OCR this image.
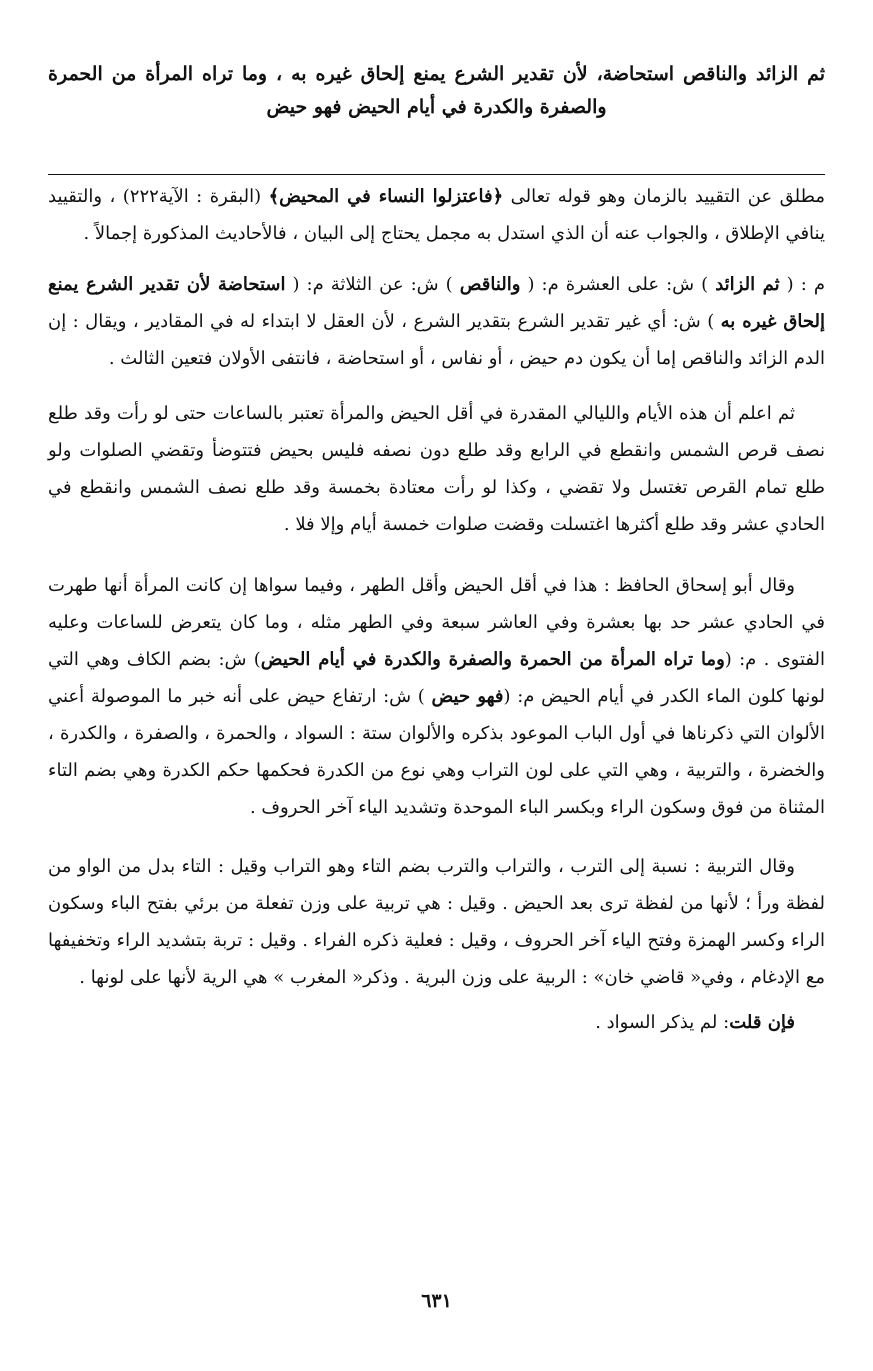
ثم الزائد والناقص استحاضة، لأن تقدير الشرع يمنع إلحاق غيره به ، وما تراه المرأة من الحمرة والصفرة والكدرة في أيام الحيض فهو حيض

مطلق عن التقييد بالزمان وهو قوله تعالى ﴿فاعتزلوا النساء في المحيض﴾ (البقرة : الآية٢٢٢) ، والتقييد ينافي الإطلاق ، والجواب عنه أن الذي استدل به مجمل يحتاج إلى البيان ، فالأحاديث المذكورة إجمالاً .

م : ( ثم الزائد ) ش: على العشرة م: ( والناقص ) ش: عن الثلاثة م: ( استحاضة لأن تقدير الشرع يمنع إلحاق غيره به ) ش: أي غير تقدير الشرع بتقدير الشرع ، لأن العقل لا ابتداء له في المقادير ، ويقال : إن الدم الزائد والناقص إما أن يكون دم حيض ، أو نفاس ، أو استحاضة ، فانتفى الأولان فتعين الثالث .

ثم اعلم أن هذه الأيام والليالي المقدرة في أقل الحيض والمرأة تعتبر بالساعات حتى لو رأت وقد طلع نصف قرص الشمس وانقطع في الرابع وقد طلع دون نصفه فليس بحيض فتتوضأ وتقضي الصلوات ولو طلع تمام القرص تغتسل ولا تقضي ، وكذا لو رأت معتادة بخمسة وقد طلع نصف الشمس وانقطع في الحادي عشر وقد طلع أكثرها اغتسلت وقضت صلوات خمسة أيام وإلا فلا .

وقال أبو إسحاق الحافظ : هذا في أقل الحيض وأقل الطهر ، وفيما سواها إن كانت المرأة أنها طهرت في الحادي عشر حد بها بعشرة وفي العاشر سبعة وفي الطهر مثله ، وما كان يتعرض للساعات وعليه الفتوى . م: (وما تراه المرأة من الحمرة والصفرة والكدرة في أيام الحيض) ش: بضم الكاف وهي التي لونها كلون الماء الكدر في أيام الحيض م: (فهو حيض ) ش: ارتفاع حيض على أنه خبر ما الموصولة أعني الألوان التي ذكرناها في أول الباب الموعود بذكره والألوان ستة : السواد ، والحمرة ، والصفرة ، والكدرة ، والخضرة ، والتربية ، وهي التي على لون التراب وهي نوع من الكدرة فحكمها حكم الكدرة وهي بضم التاء المثناة من فوق وسكون الراء وبكسر الباء الموحدة وتشديد الياء آخر الحروف .

وقال التربية : نسبة إلى الترب ، والتراب والترب بضم التاء وهو التراب وقيل : التاء بدل من الواو من لفظة ورأ ؛ لأنها من لفظة ترى بعد الحيض . وقيل : هي تربية على وزن تفعلة من برئي بفتح الباء وسكون الراء وكسر الهمزة وفتح الياء آخر الحروف ، وقيل : فعلية ذكره الفراء . وقيل : تربة بتشديد الراء وتخفيفها مع الإدغام ، وفي« قاضي خان» : الربية على وزن البرية . وذكر« المغرب » هي الرية لأنها على لونها .

فإن قلت: لم يذكر السواد .

٦٣١
